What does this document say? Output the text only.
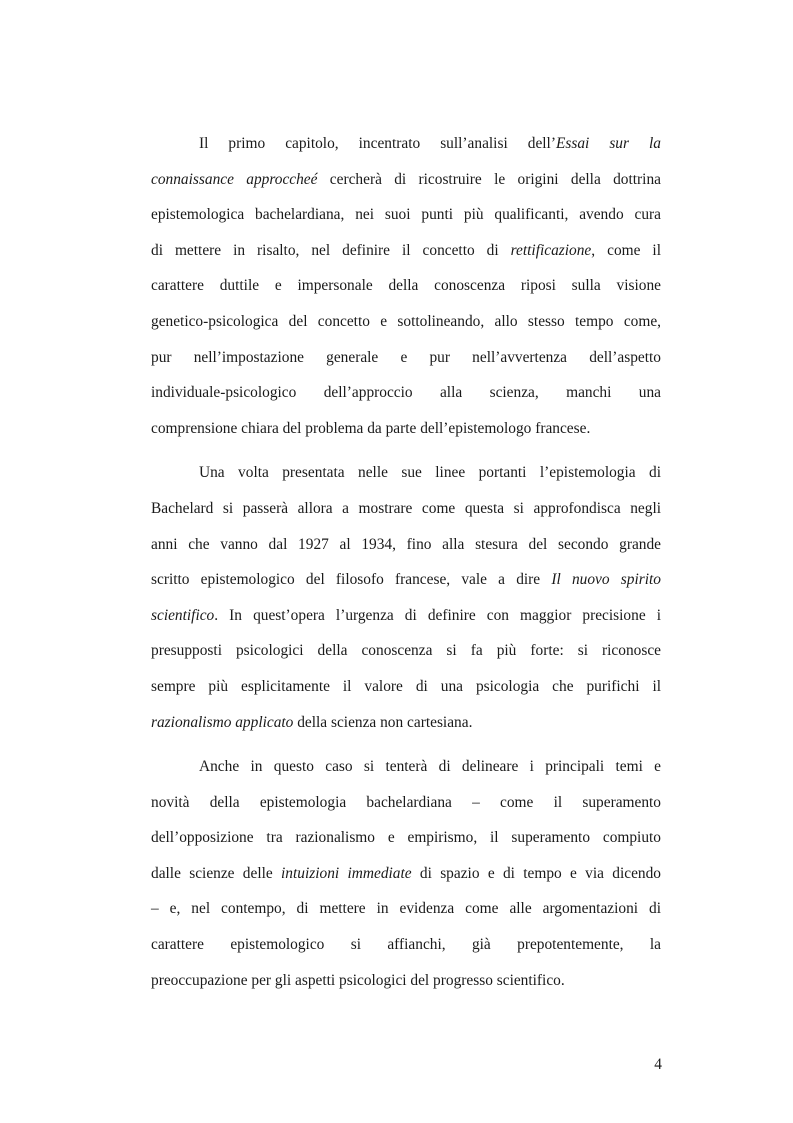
Il primo capitolo, incentrato sull’analisi dell’Essai sur la
connaissance approccheé cercherà di ricostruire le origini della dottrina
epistemologica bachelardiana, nei suoi punti più qualificanti, avendo cura
di mettere in risalto, nel definire il concetto di rettificazione, come il
carattere duttile e impersonale della conoscenza riposi sulla visione
genetico-psicologica del concetto e sottolineando, allo stesso tempo come,
pur nell’impostazione generale e pur nell’avvertenza dell’aspetto
individuale-psicologico dell’approccio alla scienza, manchi una
comprensione chiara del problema da parte dell’epistemologo francese.

Una volta presentata nelle sue linee portanti l’epistemologia di
Bachelard si passerà allora a mostrare come questa si approfondisca negli
anni che vanno dal 1927 al 1934, fino alla stesura del secondo grande
scritto epistemologico del filosofo francese, vale a dire Il nuovo spirito
scientifico. In quest’opera l’urgenza di definire con maggior precisione i
presupposti psicologici della conoscenza si fa più forte: si riconosce
sempre più esplicitamente il valore di una psicologia che purifichi il
razionalismo applicato della scienza non cartesiana.

Anche in questo caso si tenterà di delineare i principali temi e
novità della epistemologia bachelardiana – come il superamento
dell’opposizione tra razionalismo e empirismo, il superamento compiuto
dalle scienze delle intuizioni immediate di spazio e di tempo e via dicendo
– e, nel contempo, di mettere in evidenza come alle argomentazioni di
carattere epistemologico si affianchi, già prepotentemente, la
preoccupazione per gli aspetti psicologici del progresso scientifico.

4
